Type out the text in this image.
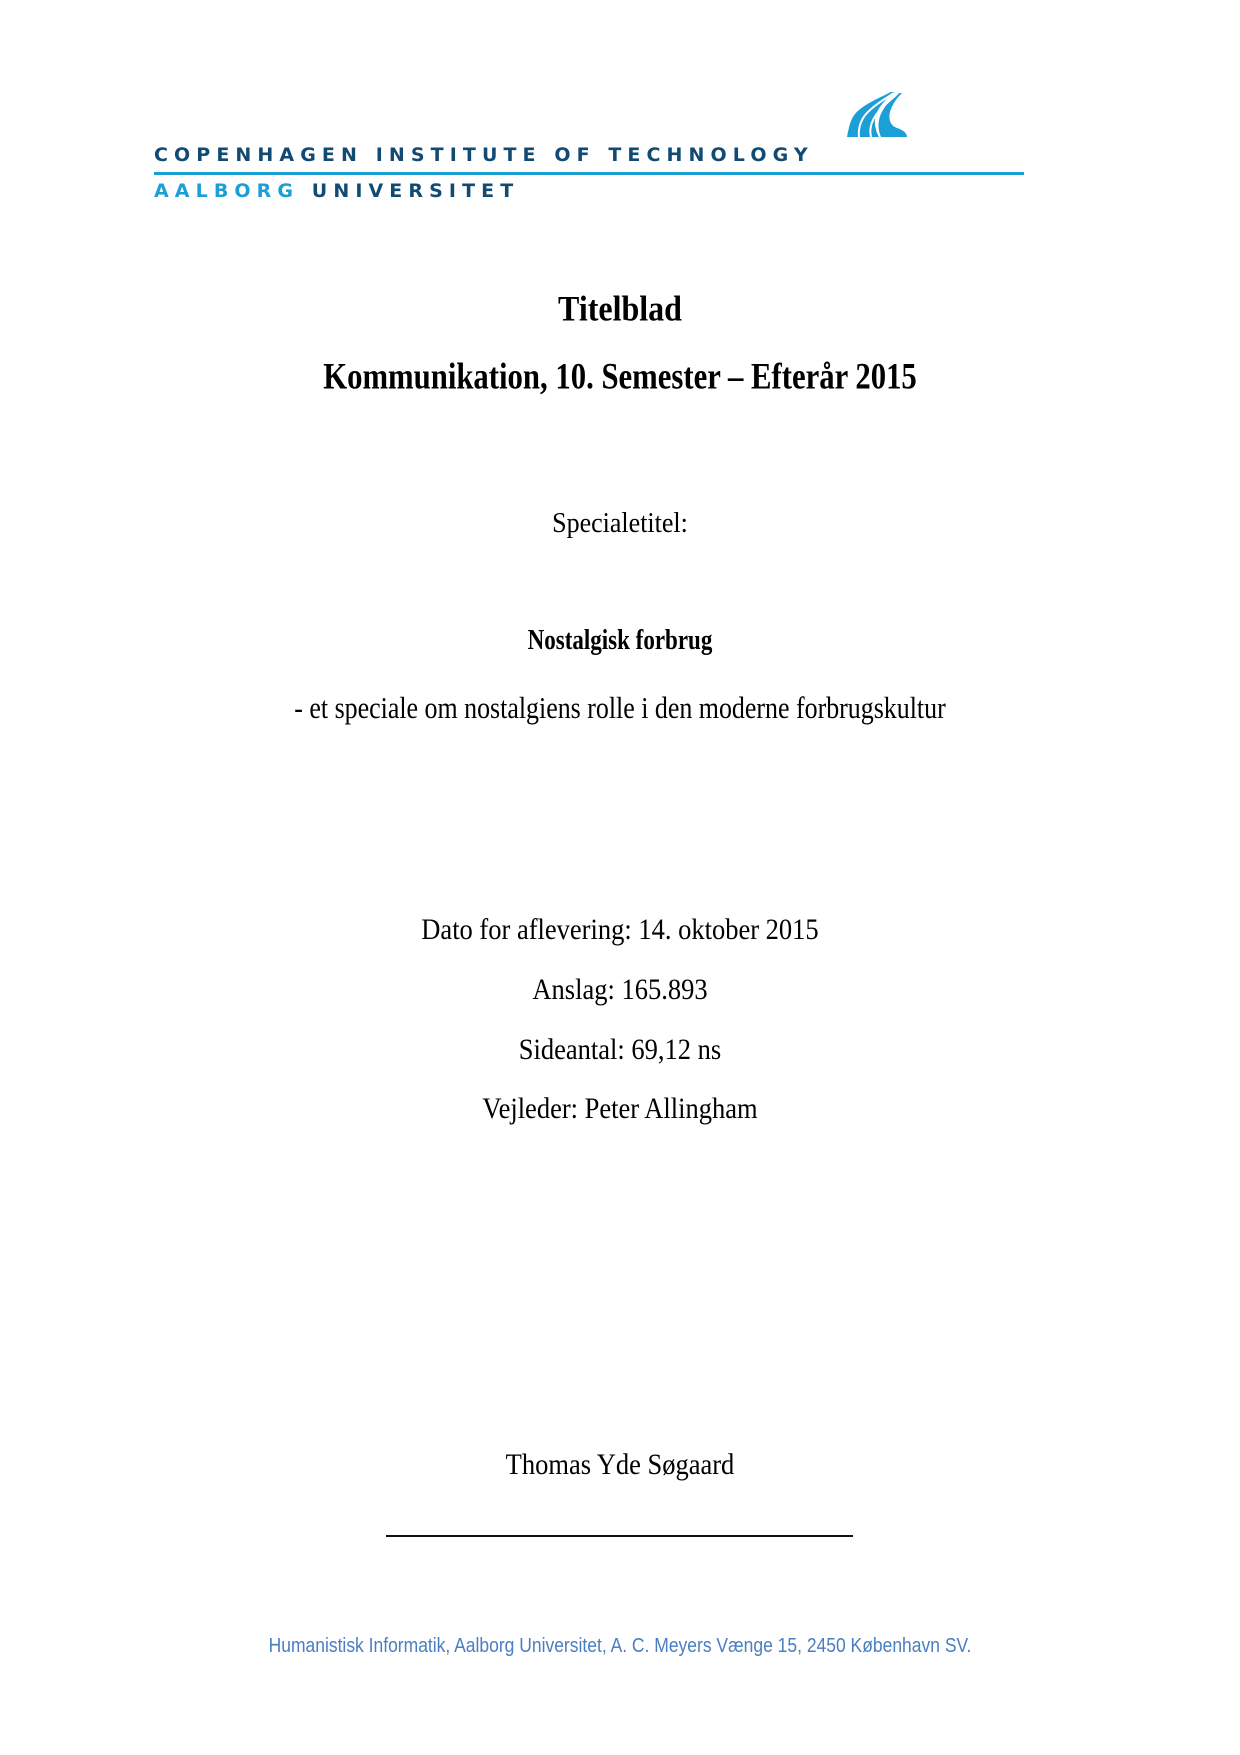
COPENHAGEN INSTITUTE OF TECHNOLOGY
AALBORG UNIVERSITET
Titelblad
Kommunikation, 10. Semester – Efterår 2015
Specialetitel:
Nostalgisk forbrug
- et speciale om nostalgiens rolle i den moderne forbrugskultur
Dato for aflevering: 14. oktober 2015
Anslag: 165.893
Sideantal: 69,12 ns
Vejleder: Peter Allingham
Thomas Yde Søgaard
Humanistisk Informatik, Aalborg Universitet, A. C. Meyers Vænge 15, 2450 København SV.
